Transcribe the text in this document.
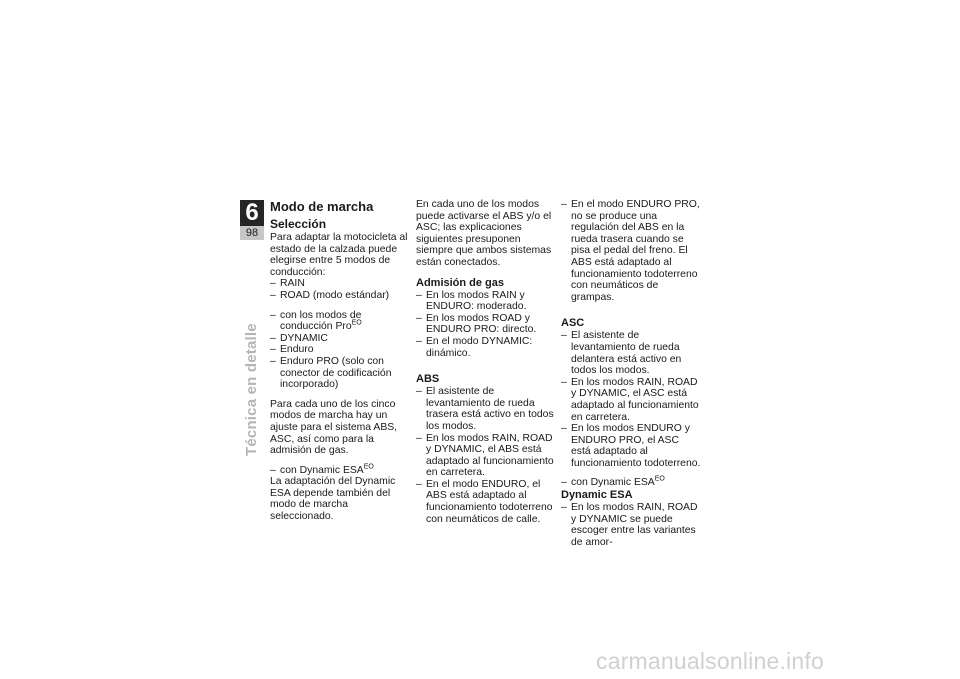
6
98
Técnica en detalle
Modo de marcha
Selección

Para adaptar la motocicleta al estado de la calzada puede elegirse entre 5 modos de conducción:

– RAIN
– ROAD (modo estándar)
– con los modos de conducción Pro$^{EO}$
– DYNAMIC
– Enduro
– Enduro PRO (solo con conector de codificación incorporado)

Para cada uno de los cinco modos de marcha hay un ajuste para el sistema ABS, ASC, así como para la admisión de gas.

– con Dynamic $ESA^{EO}$

La adaptación del Dynamic ESA depende también del modo de marcha seleccionado.

En cada uno de los modos puede activarse el ABS y/o el ASC; las explicaciones siguientes presuponen siempre que ambos sistemas están conectados.

Admisión de gas
– En los modos RAIN y ENDURO: moderado.
– En los modos ROAD y ENDURO PRO: directo.
– En el modo DYNAMIC: dinámico.
ABS
– El asistente de levantamiento de rueda trasera está activo en todos los modos.
– En los modos RAIN, ROAD y DYNAMIC, el ABS está adaptado al funcionamiento en carretera.
– En el modo ENDURO, el ABS está adaptado al funcionamiento todoterreno con neumáticos de calle.
– En el modo ENDURO PRO, no se produce una regulación del ABS en la rueda trasera cuando se pisa el pedal del freno. El ABS está adaptado al funcionamiento todoterreno con neumáticos de grampas.
ASC
– El asistente de levantamiento de rueda delantera está activo en todos los modos.
– En los modos RAIN, ROAD y DYNAMIC, el ASC está adaptado al funcionamiento en carretera.
– En los modos ENDURO y ENDURO PRO, el ASC está adaptado al funcionamiento todoterreno.
– con Dynamic $ESA^{EO}$
Dynamic ESA
– En los modos RAIN, ROAD y DYNAMIC se puede escoger entre las variantes de amor-
carmanualsonline.info
